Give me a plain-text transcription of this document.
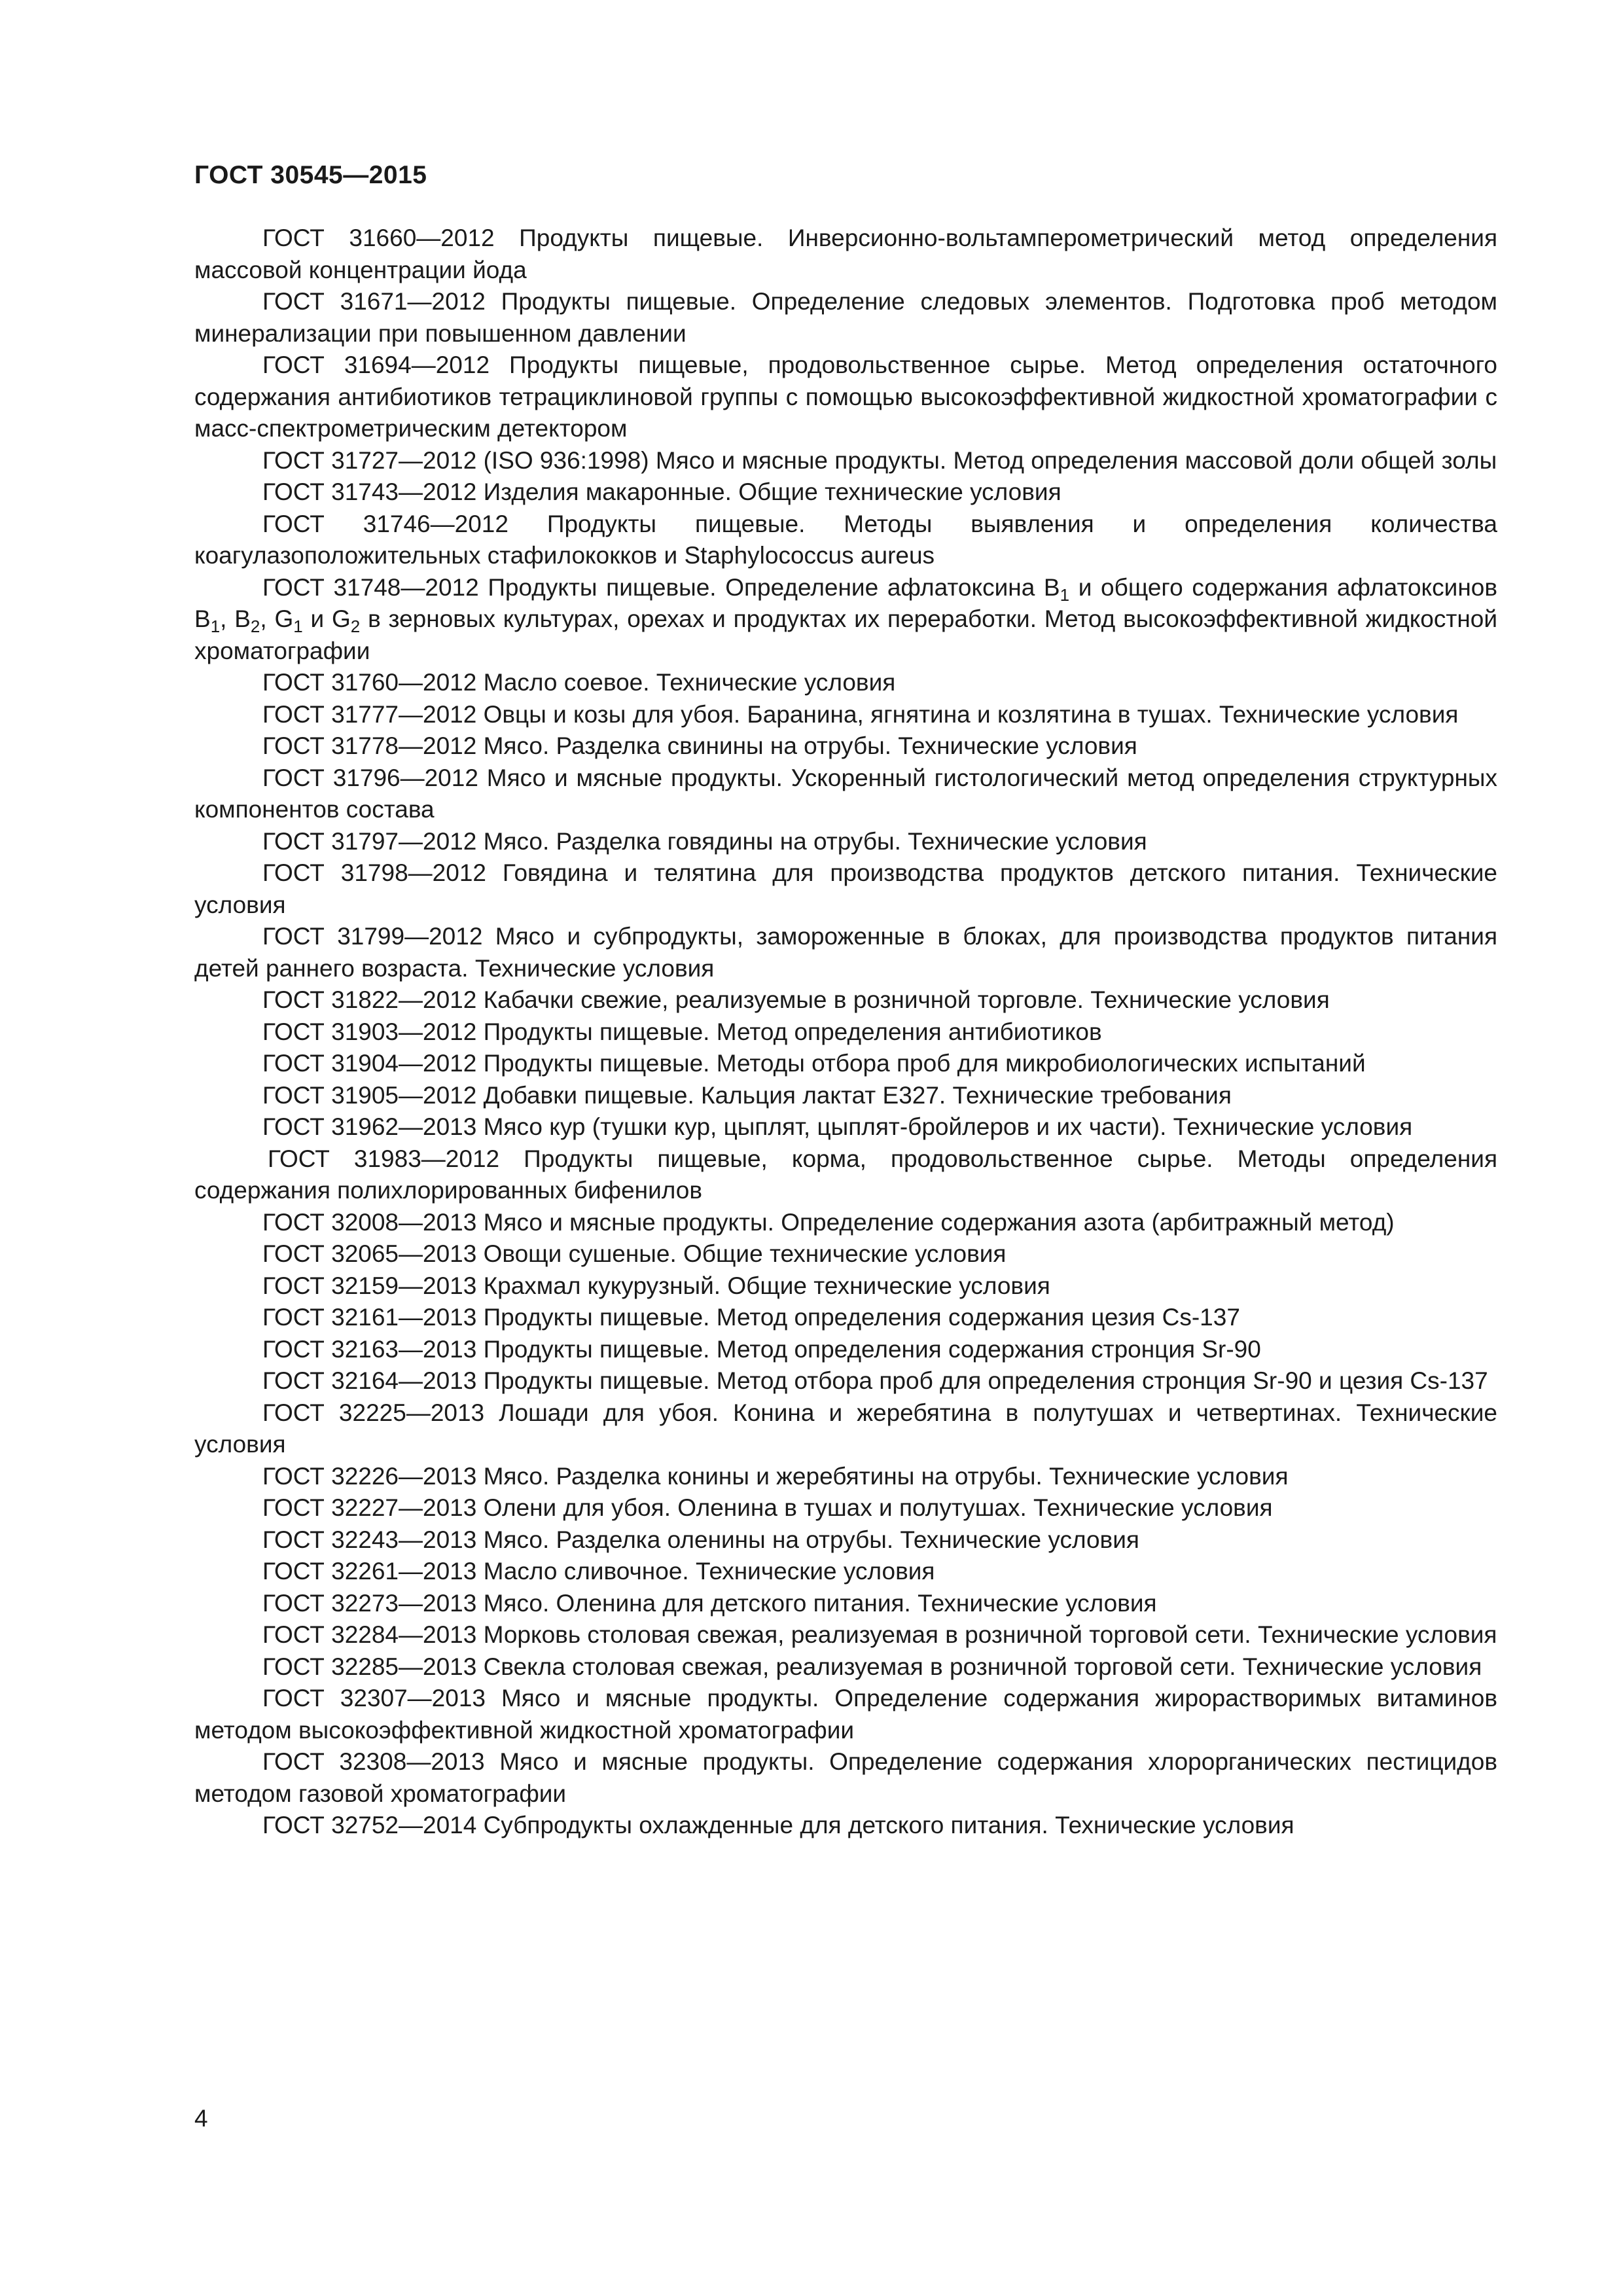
ГОСТ 30545—2015

ГОСТ 31660—2012 Продукты пищевые. Инверсионно-вольтамперометрический метод определения массовой концентрации йода

ГОСТ 31671—2012 Продукты пищевые. Определение следовых элементов. Подготовка проб методом минерализации при повышенном давлении

ГОСТ 31694—2012 Продукты пищевые, продовольственное сырье. Метод определения остаточного содержания антибиотиков тетрациклиновой группы с помощью высокоэффективной жидкостной хроматографии с масс-спектрометрическим детектором

ГОСТ 31727—2012 (ISO 936:1998) Мясо и мясные продукты. Метод определения массовой доли общей золы

ГОСТ 31743—2012 Изделия макаронные. Общие технические условия

ГОСТ 31746—2012 Продукты пищевые. Методы выявления и определения количества коагулазоположительных стафилококков и Staphylococcus aureus

ГОСТ 31748—2012 Продукты пищевые. Определение афлатоксина $B_1$ и общего содержания афлатоксинов $B_1$, $B_2$, $G_1$ и $G_2$ в зерновых культурах, орехах и продуктах их переработки. Метод высокоэффективной жидкостной хроматографии

ГОСТ 31760—2012 Масло соевое. Технические условия

ГОСТ 31777—2012 Овцы и козы для убоя. Баранина, ягнятина и козлятина в тушах. Технические условия

ГОСТ 31778—2012 Мясо. Разделка свинины на отрубы. Технические условия

ГОСТ 31796—2012 Мясо и мясные продукты. Ускоренный гистологический метод определения структурных компонентов состава

ГОСТ 31797—2012 Мясо. Разделка говядины на отрубы. Технические условия

ГОСТ 31798—2012 Говядина и телятина для производства продуктов детского питания. Технические условия

ГОСТ 31799—2012 Мясо и субпродукты, замороженные в блоках, для производства продуктов питания детей раннего возраста. Технические условия

ГОСТ 31822—2012 Кабачки свежие, реализуемые в розничной торговле. Технические условия

ГОСТ 31903—2012 Продукты пищевые. Метод определения антибиотиков

ГОСТ 31904—2012 Продукты пищевые. Методы отбора проб для микробиологических испытаний

ГОСТ 31905—2012 Добавки пищевые. Кальция лактат Е327. Технические требования

ГОСТ 31962—2013 Мясо кур (тушки кур, цыплят, цыплят-бройлеров и их части). Технические условия

ГОСТ 31983—2012 Продукты пищевые, корма, продовольственное сырье. Методы определения содержания полихлорированных бифенилов

ГОСТ 32008—2013 Мясо и мясные продукты. Определение содержания азота (арбитражный метод)

ГОСТ 32065—2013 Овощи сушеные. Общие технические условия

ГОСТ 32159—2013 Крахмал кукурузный. Общие технические условия

ГОСТ 32161—2013 Продукты пищевые. Метод определения содержания цезия Cs-137

ГОСТ 32163—2013 Продукты пищевые. Метод определения содержания стронция Sr-90

ГОСТ 32164—2013 Продукты пищевые. Метод отбора проб для определения стронция Sr-90 и цезия Cs-137

ГОСТ 32225—2013 Лошади для убоя. Конина и жеребятина в полутушах и четвертинах. Технические условия

ГОСТ 32226—2013 Мясо. Разделка конины и жеребятины на отрубы. Технические условия

ГОСТ 32227—2013 Олени для убоя. Оленина в тушах и полутушах. Технические условия

ГОСТ 32243—2013 Мясо. Разделка оленины на отрубы. Технические условия

ГОСТ 32261—2013 Масло сливочное. Технические условия

ГОСТ 32273—2013 Мясо. Оленина для детского питания. Технические условия

ГОСТ 32284—2013 Морковь столовая свежая, реализуемая в розничной торговой сети. Технические условия

ГОСТ 32285—2013 Свекла столовая свежая, реализуемая в розничной торговой сети. Технические условия

ГОСТ 32307—2013 Мясо и мясные продукты. Определение содержания жирорастворимых витаминов методом высокоэффективной жидкостной хроматографии

ГОСТ 32308—2013 Мясо и мясные продукты. Определение содержания хлорорганических пестицидов методом газовой хроматографии

ГОСТ 32752—2014 Субпродукты охлажденные для детского питания. Технические условия

4
